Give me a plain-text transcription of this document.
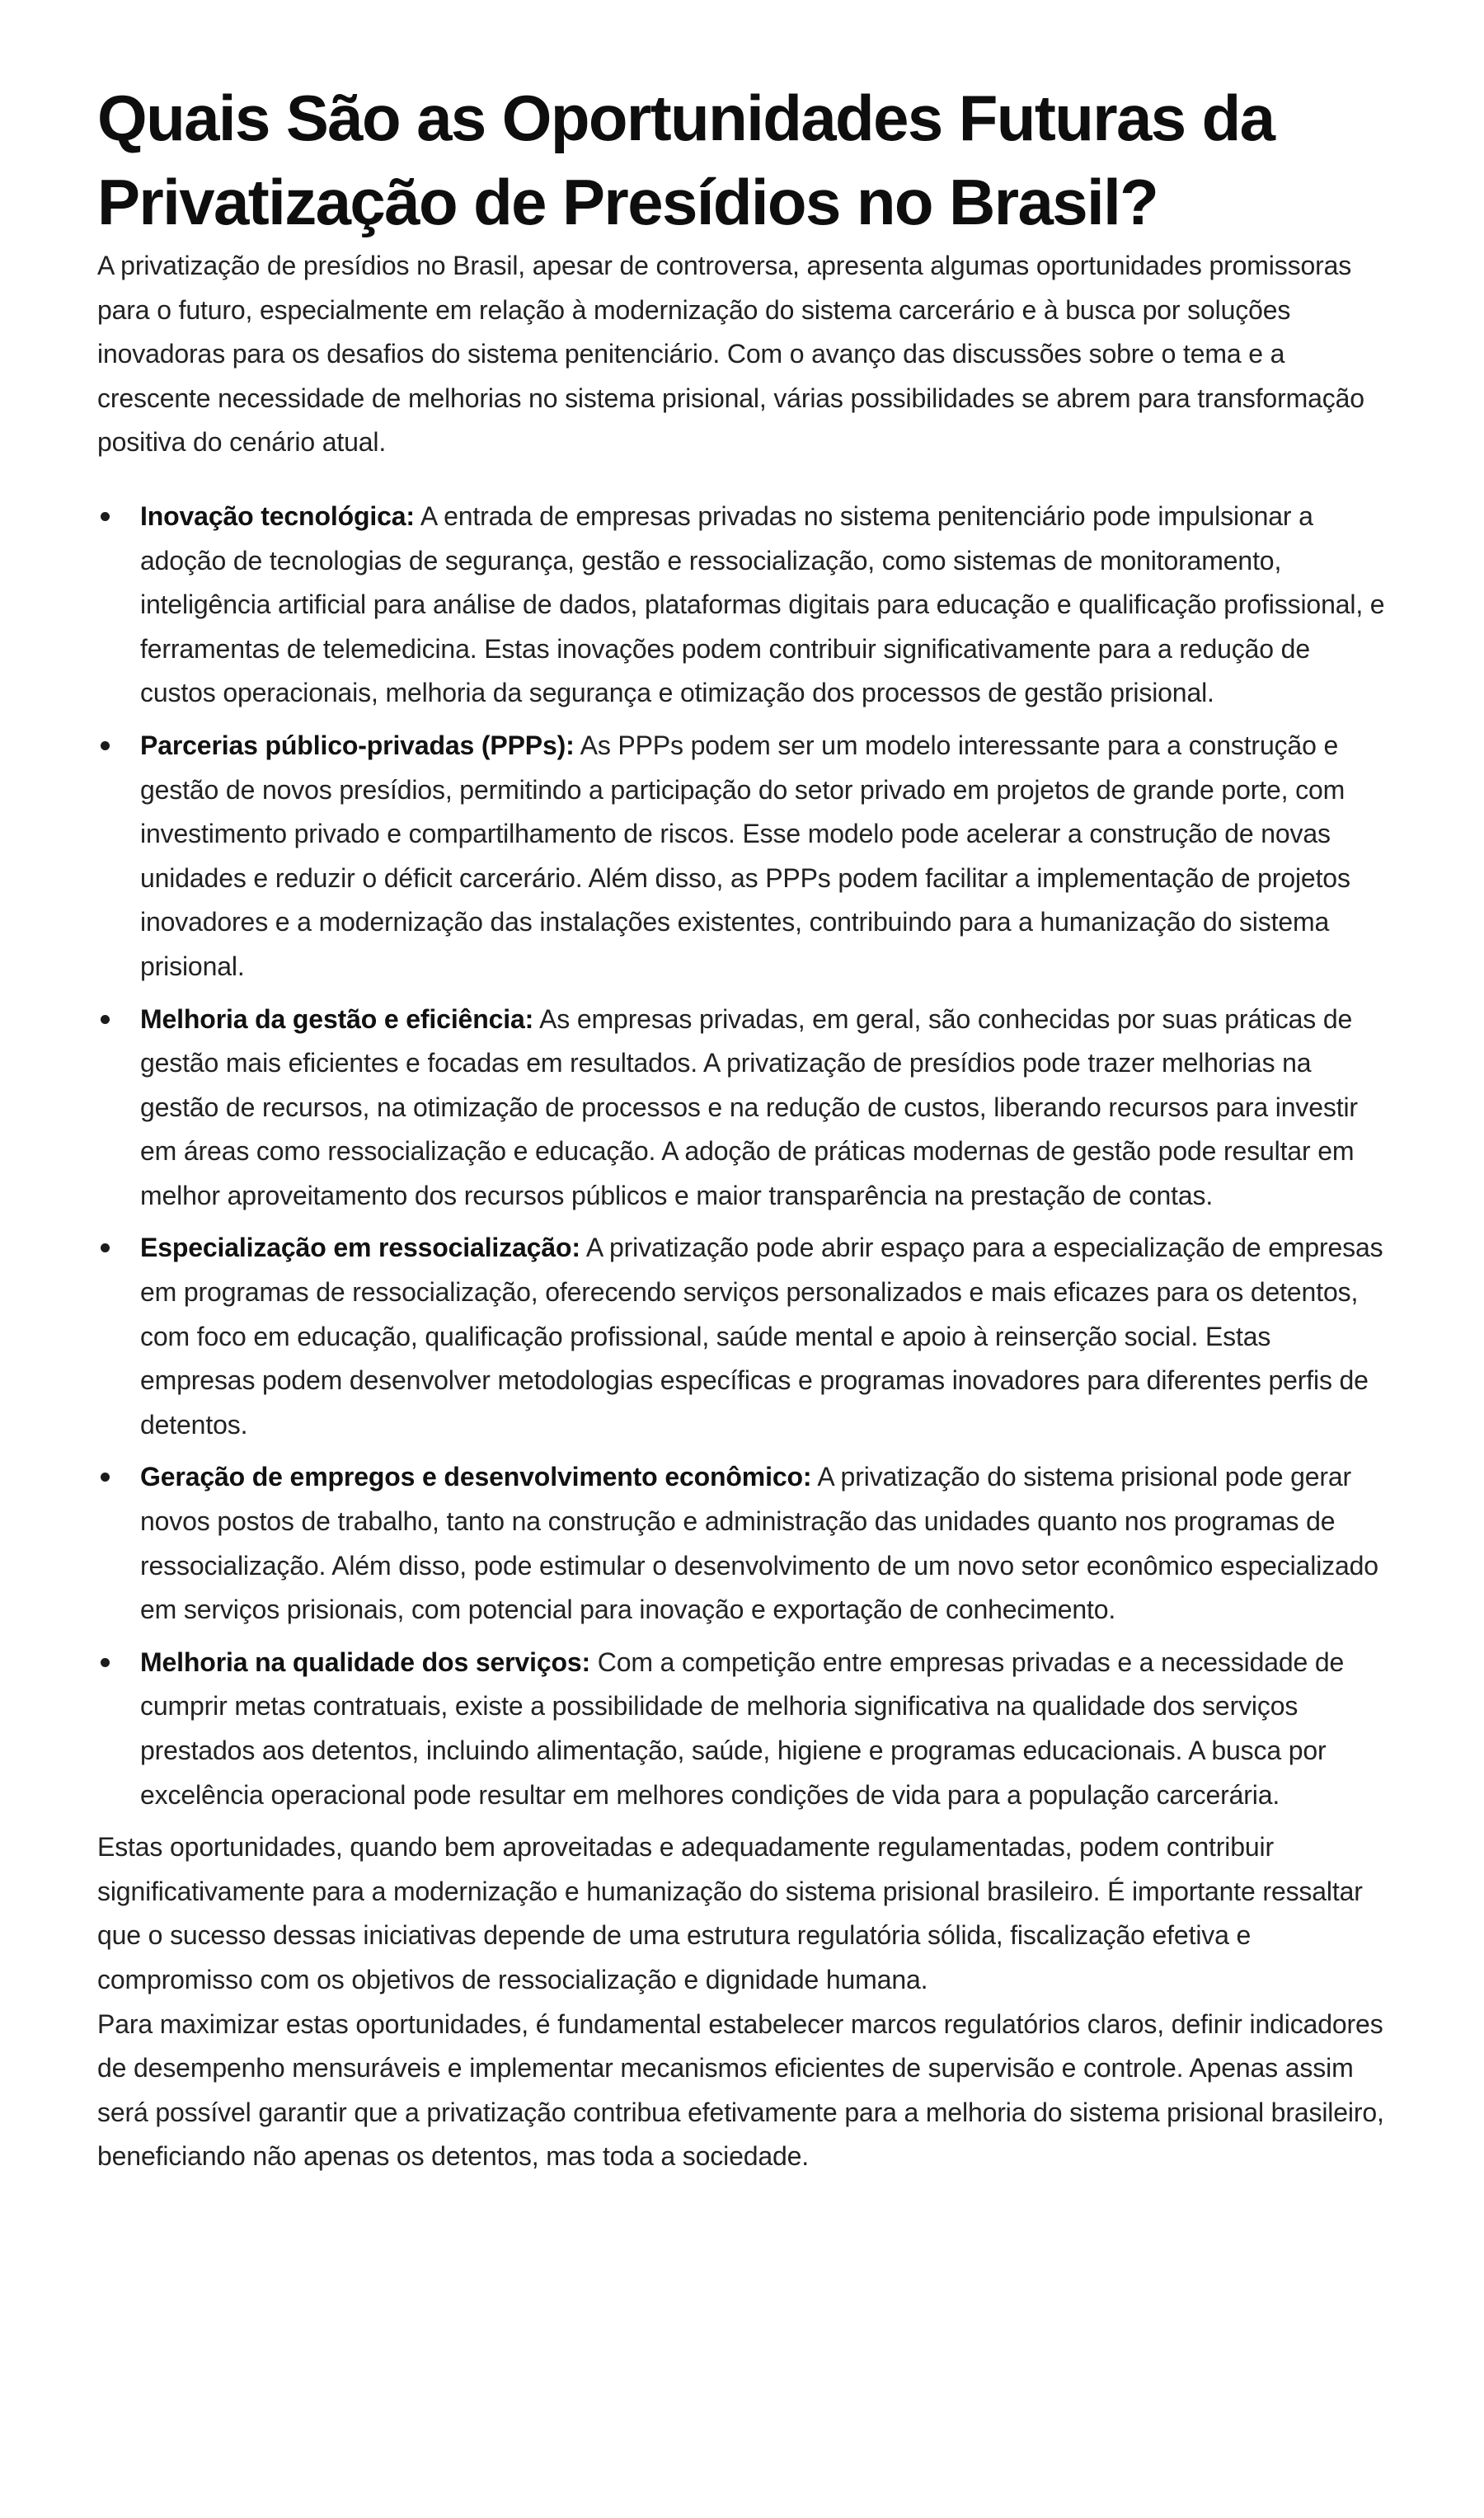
Quais São as Oportunidades Futuras da Privatização de Presídios no Brasil?

A privatização de presídios no Brasil, apesar de controversa, apresenta algumas oportunidades promissoras para o futuro, especialmente em relação à modernização do sistema carcerário e à busca por soluções inovadoras para os desafios do sistema penitenciário. Com o avanço das discussões sobre o tema e a crescente necessidade de melhorias no sistema prisional, várias possibilidades se abrem para transformação positiva do cenário atual.

Inovação tecnológica: A entrada de empresas privadas no sistema penitenciário pode impulsionar a adoção de tecnologias de segurança, gestão e ressocialização, como sistemas de monitoramento, inteligência artificial para análise de dados, plataformas digitais para educação e qualificação profissional, e ferramentas de telemedicina. Estas inovações podem contribuir significativamente para a redução de custos operacionais, melhoria da segurança e otimização dos processos de gestão prisional.
Parcerias público-privadas (PPPs): As PPPs podem ser um modelo interessante para a construção e gestão de novos presídios, permitindo a participação do setor privado em projetos de grande porte, com investimento privado e compartilhamento de riscos. Esse modelo pode acelerar a construção de novas unidades e reduzir o déficit carcerário. Além disso, as PPPs podem facilitar a implementação de projetos inovadores e a modernização das instalações existentes, contribuindo para a humanização do sistema prisional.
Melhoria da gestão e eficiência: As empresas privadas, em geral, são conhecidas por suas práticas de gestão mais eficientes e focadas em resultados. A privatização de presídios pode trazer melhorias na gestão de recursos, na otimização de processos e na redução de custos, liberando recursos para investir em áreas como ressocialização e educação. A adoção de práticas modernas de gestão pode resultar em melhor aproveitamento dos recursos públicos e maior transparência na prestação de contas.
Especialização em ressocialização: A privatização pode abrir espaço para a especialização de empresas em programas de ressocialização, oferecendo serviços personalizados e mais eficazes para os detentos, com foco em educação, qualificação profissional, saúde mental e apoio à reinserção social. Estas empresas podem desenvolver metodologias específicas e programas inovadores para diferentes perfis de detentos.
Geração de empregos e desenvolvimento econômico: A privatização do sistema prisional pode gerar novos postos de trabalho, tanto na construção e administração das unidades quanto nos programas de ressocialização. Além disso, pode estimular o desenvolvimento de um novo setor econômico especializado em serviços prisionais, com potencial para inovação e exportação de conhecimento.
Melhoria na qualidade dos serviços: Com a competição entre empresas privadas e a necessidade de cumprir metas contratuais, existe a possibilidade de melhoria significativa na qualidade dos serviços prestados aos detentos, incluindo alimentação, saúde, higiene e programas educacionais. A busca por excelência operacional pode resultar em melhores condições de vida para a população carcerária.

Estas oportunidades, quando bem aproveitadas e adequadamente regulamentadas, podem contribuir significativamente para a modernização e humanização do sistema prisional brasileiro. É importante ressaltar que o sucesso dessas iniciativas depende de uma estrutura regulatória sólida, fiscalização efetiva e compromisso com os objetivos de ressocialização e dignidade humana.

Para maximizar estas oportunidades, é fundamental estabelecer marcos regulatórios claros, definir indicadores de desempenho mensuráveis e implementar mecanismos eficientes de supervisão e controle. Apenas assim será possível garantir que a privatização contribua efetivamente para a melhoria do sistema prisional brasileiro, beneficiando não apenas os detentos, mas toda a sociedade.
